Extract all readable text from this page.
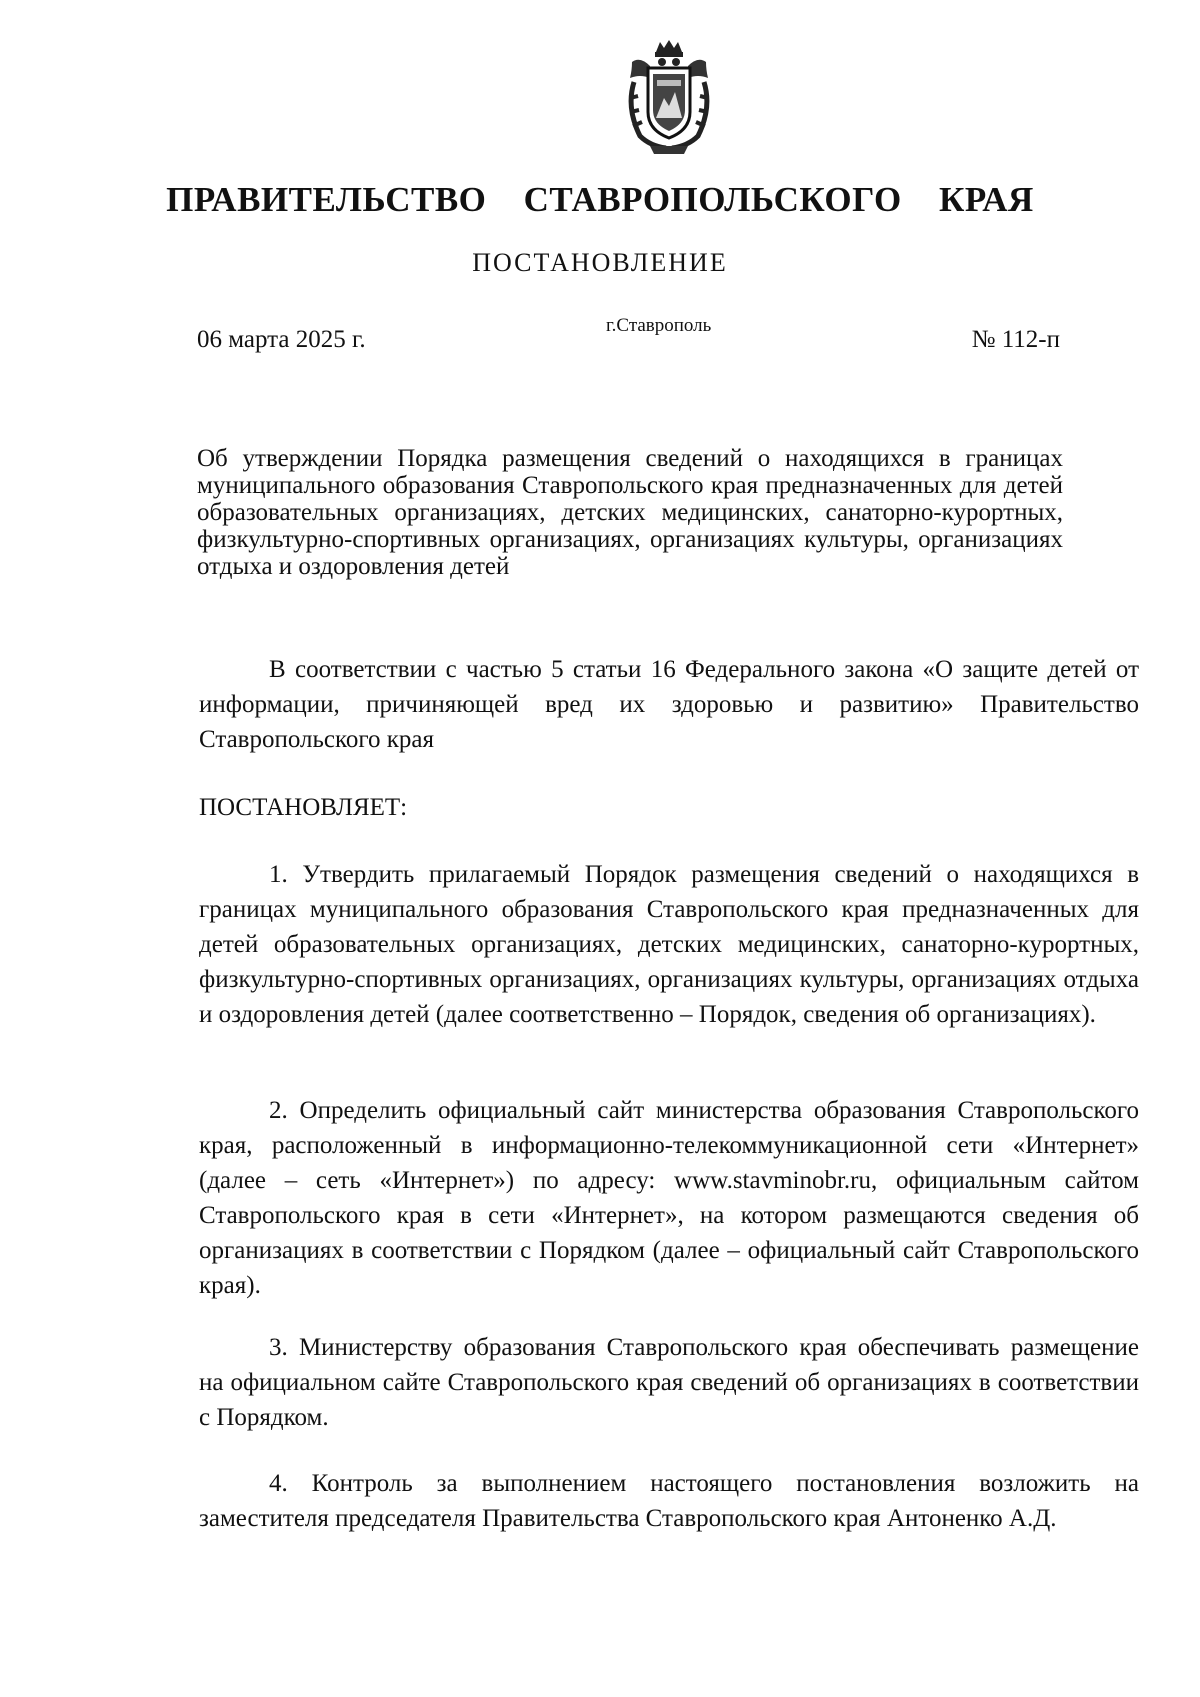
ПРАВИТЕЛЬСТВО СТАВРОПОЛЬСКОГО КРАЯ
ПОСТАНОВЛЕНИЕ
06 марта 2025 г.
г.Ставрополь
№ 112-п
Об утверждении Порядка размещения сведений о находящихся в границах муниципального образования Ставропольского края предназначенных для детей образовательных организациях, детских медицинских, санаторно-курортных, физкультурно-спортивных организациях, организациях культуры, организациях отдыха и оздоровления детей
В соответствии с частью 5 статьи 16 Федерального закона «О защите детей от информации, причиняющей вред их здоровью и развитию» Правительство Ставропольского края
ПОСТАНОВЛЯЕТ:
1. Утвердить прилагаемый Порядок размещения сведений о находящихся в границах муниципального образования Ставропольского края предназначенных для детей образовательных организациях, детских медицинских, санаторно-курортных, физкультурно-спортивных организациях, организациях культуры, организациях отдыха и оздоровления детей (далее соответственно – Порядок, сведения об организациях).
2. Определить официальный сайт министерства образования Ставропольского края, расположенный в информационно-телекоммуникационной сети «Интернет» (далее – сеть «Интернет») по адресу: www.stavminobr.ru, официальным сайтом Ставропольского края в сети «Интернет», на котором размещаются сведения об организациях в соответствии с Порядком (далее – официальный сайт Ставропольского края).
3. Министерству образования Ставропольского края обеспечивать размещение на официальном сайте Ставропольского края сведений об организациях в соответствии с Порядком.
4. Контроль за выполнением настоящего постановления возложить на заместителя председателя Правительства Ставропольского края Антоненко А.Д.
